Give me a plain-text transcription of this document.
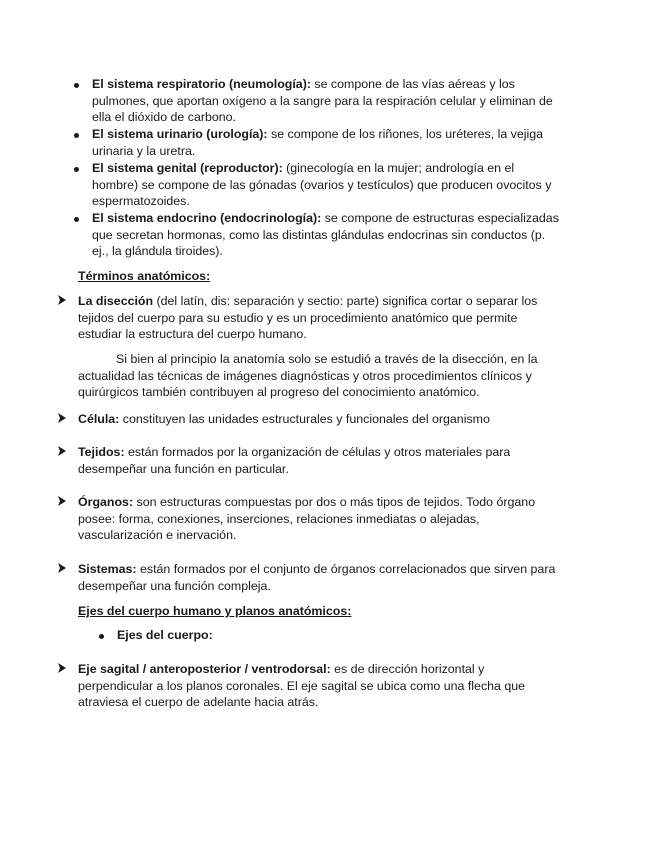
El sistema respiratorio (neumología): se compone de las vías aéreas y los
pulmones, que aportan oxígeno a la sangre para la respiración celular y eliminan de
ella el dióxido de carbono.
El sistema urinario (urología): se compone de los riñones, los uréteres, la vejiga
urinaria y la uretra.
El sistema genital (reproductor): (ginecología en la mujer; andrología en el
hombre) se compone de las gónadas (ovarios y testículos) que producen ovocitos y
espermatozoides.
El sistema endocrino (endocrinología): se compone de estructuras especializadas
que secretan hormonas, como las distintas glándulas endocrinas sin conductos (p.
ej., la glándula tiroides).
Términos anatómicos:
La disección (del latín, dis: separación y sectio: parte) significa cortar o separar los
tejidos del cuerpo para su estudio y es un procedimiento anatómico que permite
estudiar la estructura del cuerpo humano.
Si bien al principio la anatomía solo se estudió a través de la disección, en la
actualidad las técnicas de imágenes diagnósticas y otros procedimientos clínicos y
quirúrgicos también contribuyen al progreso del conocimiento anatómico.
Célula: constituyen las unidades estructurales y funcionales del organismo
Tejidos: están formados por la organización de células y otros materiales para
desempeñar una función en particular.
Órganos: son estructuras compuestas por dos o más tipos de tejidos. Todo órgano
posee: forma, conexiones, inserciones, relaciones inmediatas o alejadas,
vascularización e inervación.
Sistemas: están formados por el conjunto de órganos correlacionados que sirven para
desempeñar una función compleja.
Ejes del cuerpo humano y planos anatómicos:
Ejes del cuerpo:
Eje sagital / anteroposterior / ventrodorsal: es de dirección horizontal y
perpendicular a los planos coronales. El eje sagital se ubica como una flecha que
atraviesa el cuerpo de adelante hacia atrás.
